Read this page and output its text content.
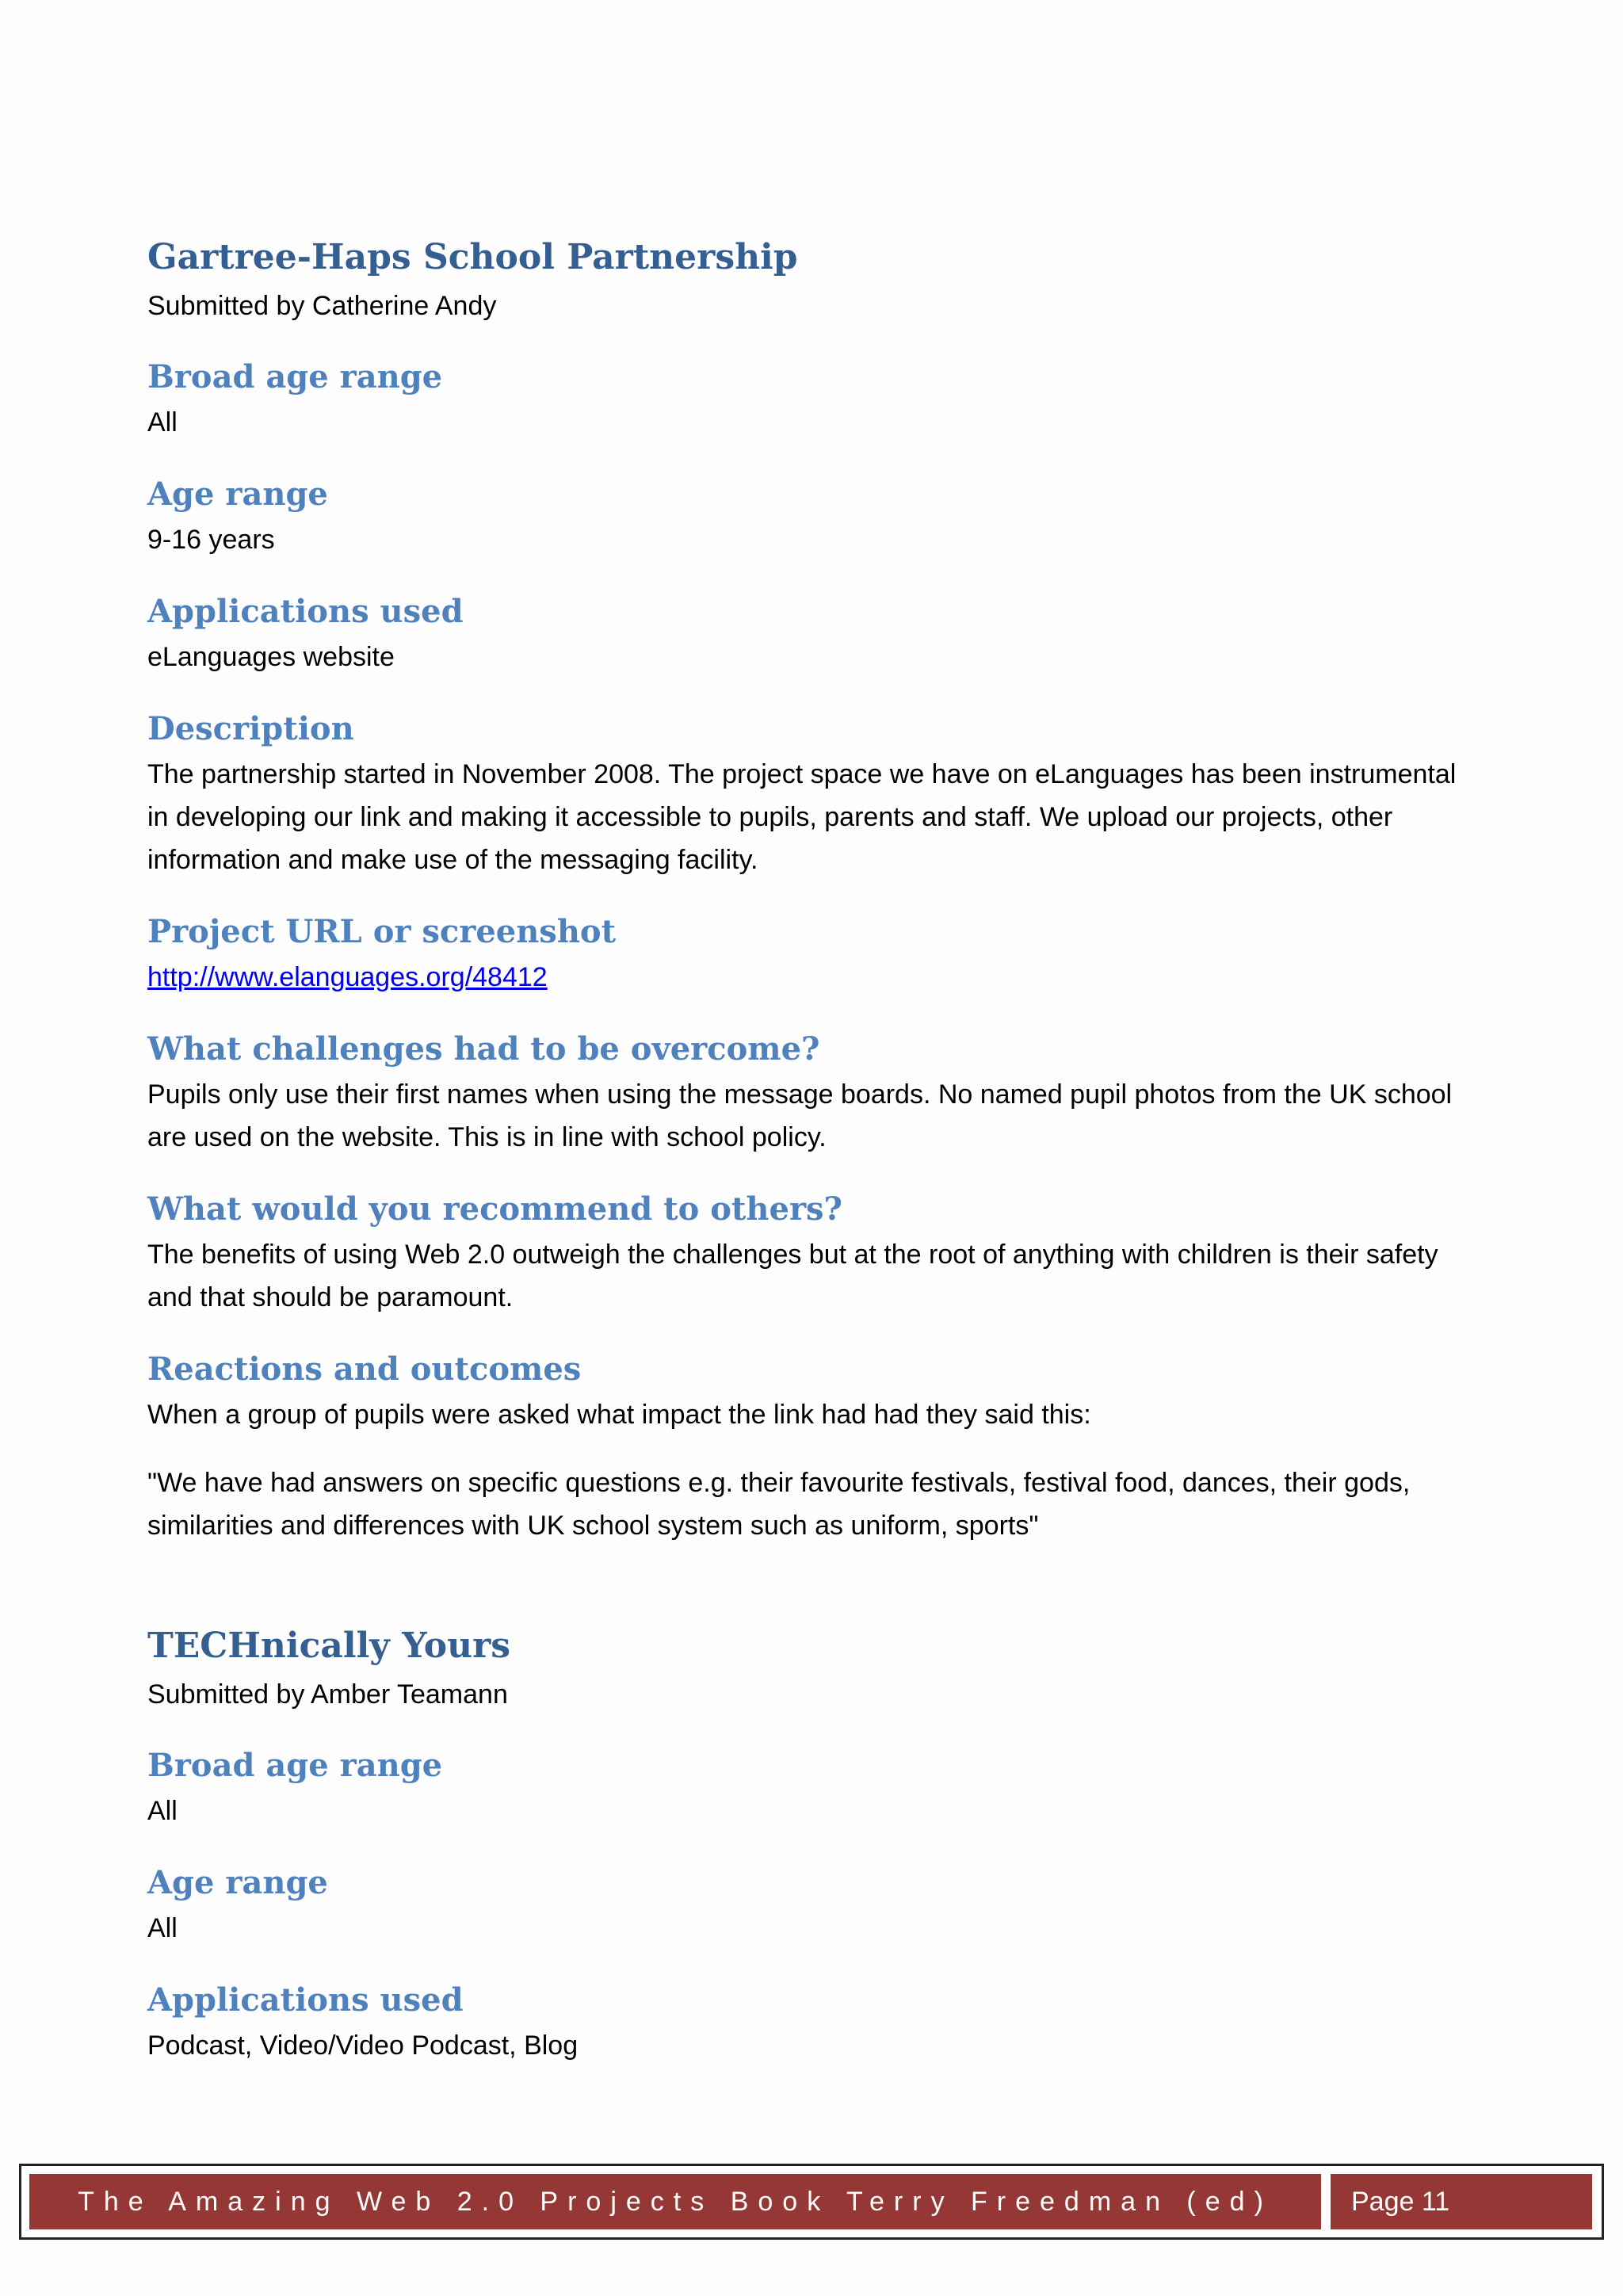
Gartree-Haps School Partnership

Submitted by Catherine Andy

Broad age range

All

Age range

9-16 years

Applications used

eLanguages website

Description

The partnership started in November 2008. The project space we have on eLanguages has been instrumental in developing our link and making it accessible to pupils, parents and staff. We upload our projects, other information and make use of the messaging facility.

Project URL or screenshot

http://www.elanguages.org/48412

What challenges had to be overcome?

Pupils only use their first names when using the message boards. No named pupil photos from the UK school are used on the website. This is in line with school policy.

What would you recommend to others?

The benefits of using Web 2.0 outweigh the challenges but at the root of anything with children is their safety and that should be paramount.

Reactions and outcomes

When a group of pupils were asked what impact the link had had they said this:

"We have had answers on specific questions e.g. their favourite festivals, festival food, dances, their gods, similarities and differences with UK school system such as uniform, sports"

TECHnically Yours

Submitted by Amber Teamann

Broad age range

All

Age range

All

Applications used

Podcast, Video/Video Podcast, Blog

The Amazing Web 2.0 Projects Book Terry Freedman (ed)	Page 11
